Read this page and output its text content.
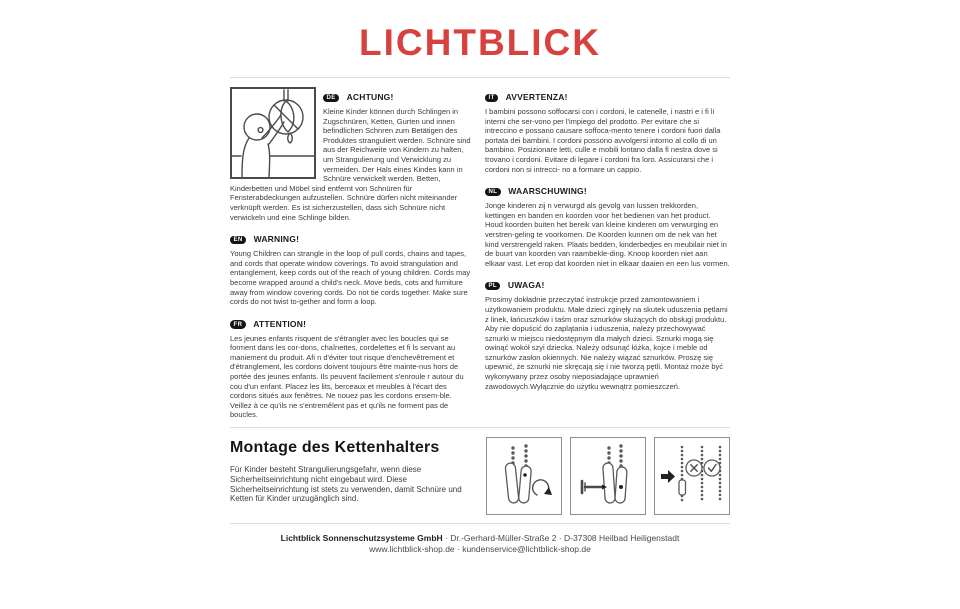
LICHTBLICK
DE ACHTUNG!

Kleine Kinder können durch Schlingen in Zugschnüren, Ketten, Gurten und innen befindlichen Schnren zum Betätigen des Produktes stranguliert werden. Schnüre sind aus der Reichweite von Kindern zu halten, um Strangulierung und Verwicklung zu vermeiden. Der Hals eines Kindes kann in Schnüre verwickelt werden. Betten, Kinderbetten und Möbel sind entfernt von Schnüren für Fensterabdeckungen aufzustellen. Schnüre dürfen nicht miteinander verknüpft werden. Es ist sicherzustellen, dass sich Schnüre nicht verwickeln und eine Schlinge bilden.

EN WARNING!

Young Children can strangle in the loop of pull cords, chains and tapes, and cords that operate window coverings. To avoid strangulation and entanglement, keep cords out of the reach of young children. Cords may become wrapped around a child's neck. Move beds, cots and furniture away from window covering cords. Do not tie cords together. Make sure cords do not twist to-gether and form a loop.

FR ATTENTION!

Les jeunes enfants risquent de s'étrangler avec les boucles qui se forment dans les cor-dons, chaînettes, cordelettes et fi ls servant au maniement du produit. Afi n d'éviter tout risque d'enchevêtrement et d'étranglement, les cordons doivent toujours être mainte-nus hors de portée des jeunes enfants. Ils peuvent facilement s'enroule r autour du cou d'un enfant. Placez les lits, berceaux et meubles à l'écart des cordons situés aux fenêtres. Ne nouez pas les cordons ensem-ble. Veillez à ce qu'ils ne s'entremêlent pas et qu'ils ne forment pas de boucles.

IT AVVERTENZA!

I bambini possono soffocarsi con i cordoni, le catenelle, i nastri e i fi li interni che ser-vono per l'impiego del prodotto. Per evitare che si intreccino e possano causare soffoca-mento tenere i cordoni fuori dalla portata dei bambini. I cordoni possono avvolgersi intorno al collo di un bambino. Posizionare letti, culle e mobili lontano dalla fi nestra dove si trovano i cordoni. Evitare di legare i cordoni fra loro. Assicurarsi che i cordoni non si intrecci- no a formare un cappio.

NL WAARSCHUWING!

Jonge kinderen zij n verwurgd als gevolg van lussen trekkorden, kettingen en banden en koorden voor het bedienen van het product. Houd koorden buiten het bereik van kleine kinderen om verwurging en verstren-geling te voorkomen. De Koorden kunnen om de nek van het kind verstrengeld raken. Plaats bedden, kinderbedjes en meubilair niet in de buurt van koorden van raambekle-ding. Knoop koorden niet aan elkaar vast. Let erop dat koorden niet in elkaar daaien en een lus vormen.

PL UWAGA!

Prosimy dokładnie przeczytać instrukcje przed zamontowaniem i użytkowaniem produktu. Małe dzieci zginęły na skutek uduszenia pętlami z linek, łańcuszków i taśm oraz sznurków służących do obsługi produktu. Aby nie dopuścić do zaplątania i uduszenia, należy przechowywać sznurki w miejscu niedostępnym dla małych dzieci. Sznurki mogą się owinąć wokół szyi dziecka. Należy odsunąć łóżka, kojce i meble od sznurków zasłon okiennych. Nie należy wiązać sznurków. Proszę się upewnić, że sznurki nie skręcają się i nie tworzą pętli. Montaż może być wykonywany przez osoby nieposiadające uprawnień zawodowych.Wyłącznie do użytku wewnątrz pomieszczeń.

Montage des Kettenhalters

Für Kinder besteht Strangulierungsgefahr, wenn diese Sicherheitseinrichtung nicht eingebaut wird. Diese Sicherheitseinrichtung ist stets zu verwenden, damit Schnüre und Ketten für Kinder unzugänglich sind.

Lichtblick Sonnenschutzsysteme GmbH · Dr.-Gerhard-Müller-Straße 2 · D-37308 Heilbad Heiligenstadt
www.lichtblick-shop.de · kundenservice@lichtblick-shop.de
